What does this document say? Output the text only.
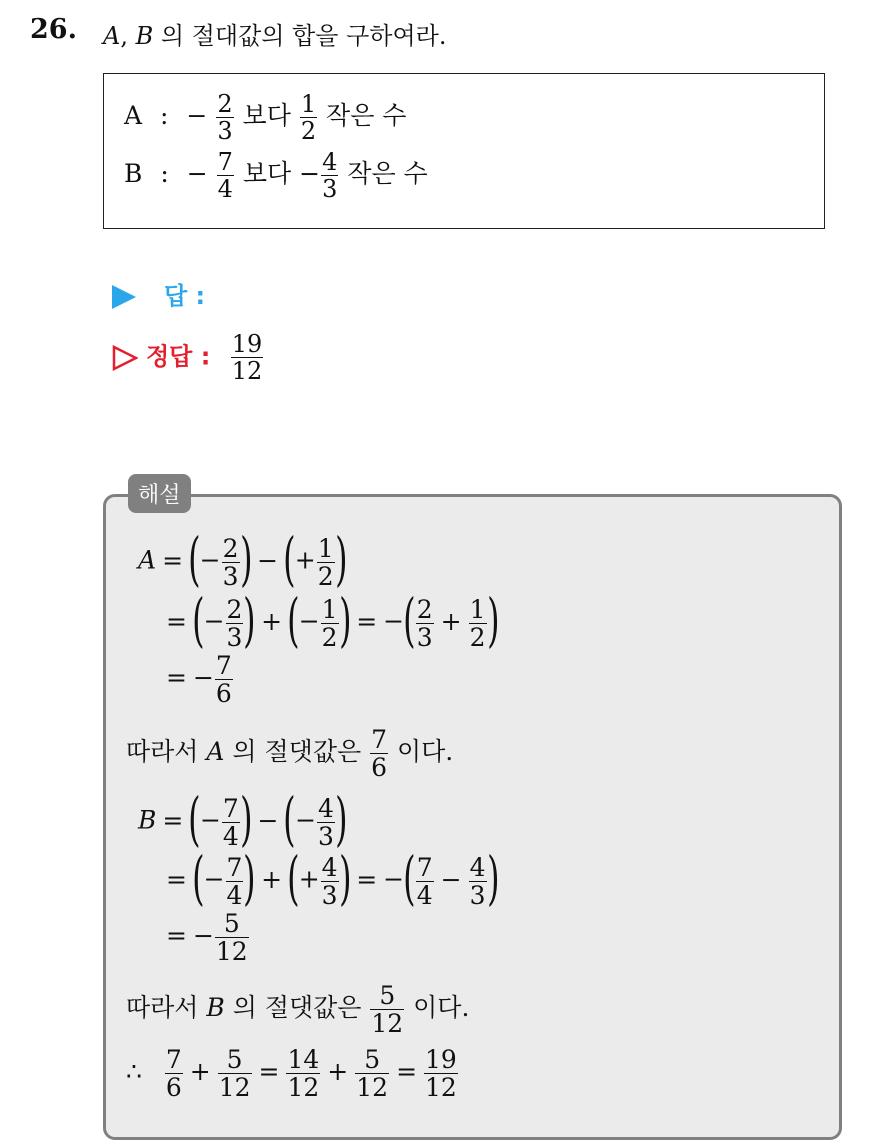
26. A, B 의 절대값의 합을 구하여라.
A : − $\frac{2}{3}$ 보다 $\frac{1}{2}$ 작은 수
B : − $\frac{7}{4}$ 보다 − $\frac{4}{3}$ 작은 수
답 :
정답 : $\frac{19}{12}$
A =(− $\frac{2}{3}$ ) −(+ $\frac{1}{2}$ )
=(− $\frac{2}{3}$ ) +(− $\frac{1}{2}$ ) = −( $\frac{2}{3} + \frac{1}{2}$ )
= − $\frac{7}{6}$
따라서 A 의 절댓값은 $\frac{7}{6}$ 이다.
B =(− $\frac{7}{4}$ ) −(− $\frac{4}{3}$ )
=(− $\frac{7}{4}$ ) +(+ $\frac{4}{3}$ ) = −( $\frac{7}{4} - \frac{4}{3}$ )
= − $\frac{5}{12}$
따라서 B 의 절댓값은 $\frac{5}{12}$ 이다.
∴ $\frac{7}{6} + \frac{5}{12} = \frac{14}{12} + \frac{5}{12} = \frac{19}{12}$
해설
